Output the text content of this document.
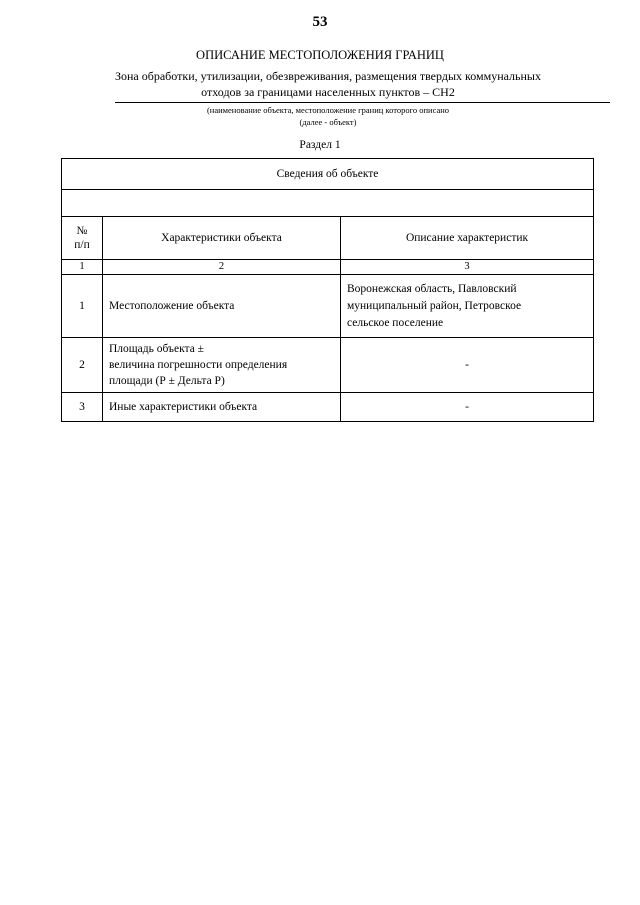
53
ОПИСАНИЕ МЕСТОПОЛОЖЕНИЯ ГРАНИЦ
Зона обработки, утилизации, обезвреживания, размещения твердых коммунальных
отходов за границами населенных пунктов – СН2
(наименование объекта, местоположение границ которого описано
(далее - объект)
Раздел 1
Сведения об объекте		

№
п/п	Характеристики объекта	Описание характеристик
1	2	3
1	Местоположение объекта	Воронежская область, Павловский
муниципальный район, Петровское
сельское поселение

2	Площадь объекта ±
величина погрешности определения
площади (Р ± Дельта Р)	-

3	Иные характеристики объекта	-
